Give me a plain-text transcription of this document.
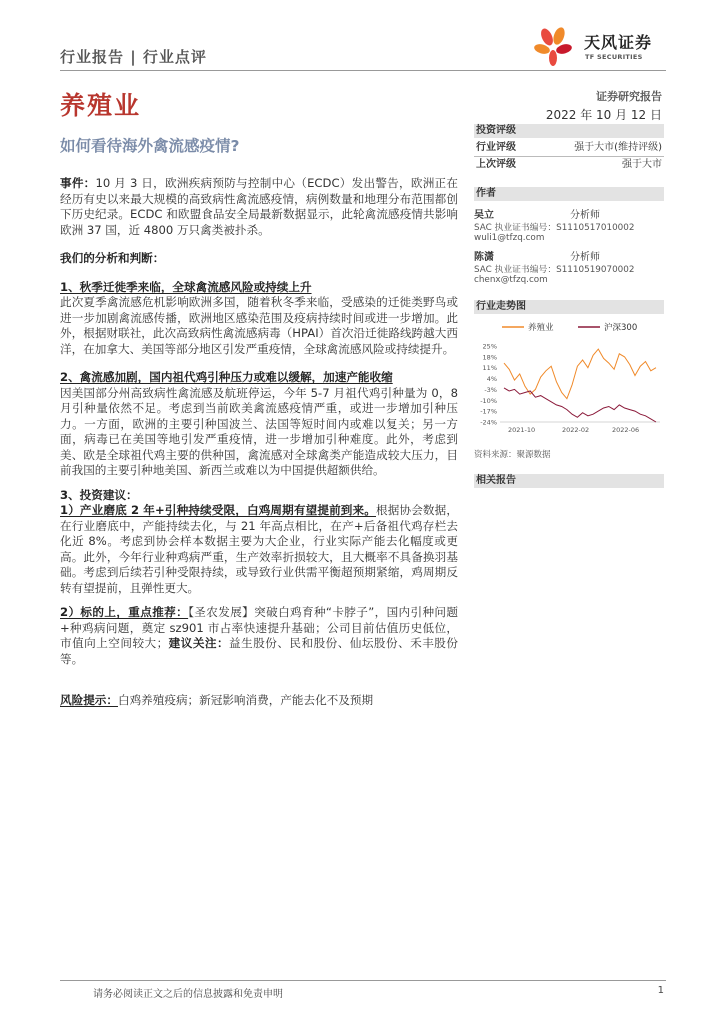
行业报告 | 行业点评
养殖业	证券研究报告
2022 年 10 月 12 日
如何看待海外禽流感疫情?
天风证券
TF SECURITIES

事件：10 月 3 日，欧洲疾病预防与控制中心（ECDC）发出警告，欧洲正在经历有史以来最大规模的高致病性禽流感疫情，病例数量和地理分布范围都创下历史纪录。ECDC 和欧盟食品安全局最新数据显示，此轮禽流感疫情共影响欧洲 37 国，近 4800 万只禽类被扑杀。

我们的分析和判断：

1、秋季迁徙季来临，全球禽流感风险或持续上升

此次夏季禽流感危机影响欧洲多国，随着秋冬季来临，受感染的迁徙类野鸟或进一步加剧禽流感传播，欧洲地区感染范围及疫病持续时间或进一步增加。此外，根据财联社，此次高致病性禽流感病毒（HPAI）首次沿迁徙路线跨越大西洋，在加拿大、美国等部分地区引发严重疫情，全球禽流感风险或持续提升。

2、禽流感加剧，国内祖代鸡引种压力或难以缓解，加速产能收缩

因美国部分州高致病性禽流感及航班停运，今年 5-7 月祖代鸡引种量为 0，8 月引种量依然不足。考虑到当前欧美禽流感疫情严重，或进一步增加引种压力。一方面，欧洲的主要引种国波兰、法国等短时间内或难以复关；另一方面，病毒已在美国等地引发严重疫情，进一步增加引种难度。此外，考虑到美、欧是全球祖代鸡主要的供种国，禽流感对全球禽类产能造成较大压力，目前我国的主要引种地美国、新西兰或难以为中国提供超额供给。

3、投资建议：

1）产业磨底 2 年+引种持续受限，白鸡周期有望提前到来。根据协会数据，在行业磨底中，产能持续去化，与 21 年高点相比，在产+后备祖代鸡存栏去化近 8%。考虑到协会样本数据主要为大企业，行业实际产能去化幅度或更高。此外，今年行业种鸡病严重，生产效率折损较大，且大概率不具备换羽基础。考虑到后续若引种受限持续，或导致行业供需平衡超预期紧缩，鸡周期反转有望提前，且弹性更大。

2）标的上，重点推荐：【圣农发展】突破白鸡育种“卡脖子”，国内引种问题+种鸡病问题，奠定 sz901 市占率快速提升基础；公司目前估值历史低位，市值向上空间较大；建议关注：益生股份、民和股份、仙坛股份、禾丰股份等。

风险提示：白鸡养殖疫病；新冠影响消费，产能去化不及预期

投资评级
行业评级	强于大市(维持评级)
上次评级	强于大市
作者
吴立	分析师
SAC 执业证书编号：S1110517010002
wuli1@tfzq.com
陈潇	分析师
SAC 执业证书编号：S1110519070002
chenx@tfzq.com
行业走势图
养殖业	沪深300
25%
18%
11%
4%
-3%
-10%
-17%
-24%
2021-10	2022-02	2022-06
资料来源：聚源数据
相关报告
请务必阅读正文之后的信息披露和免责申明	1
